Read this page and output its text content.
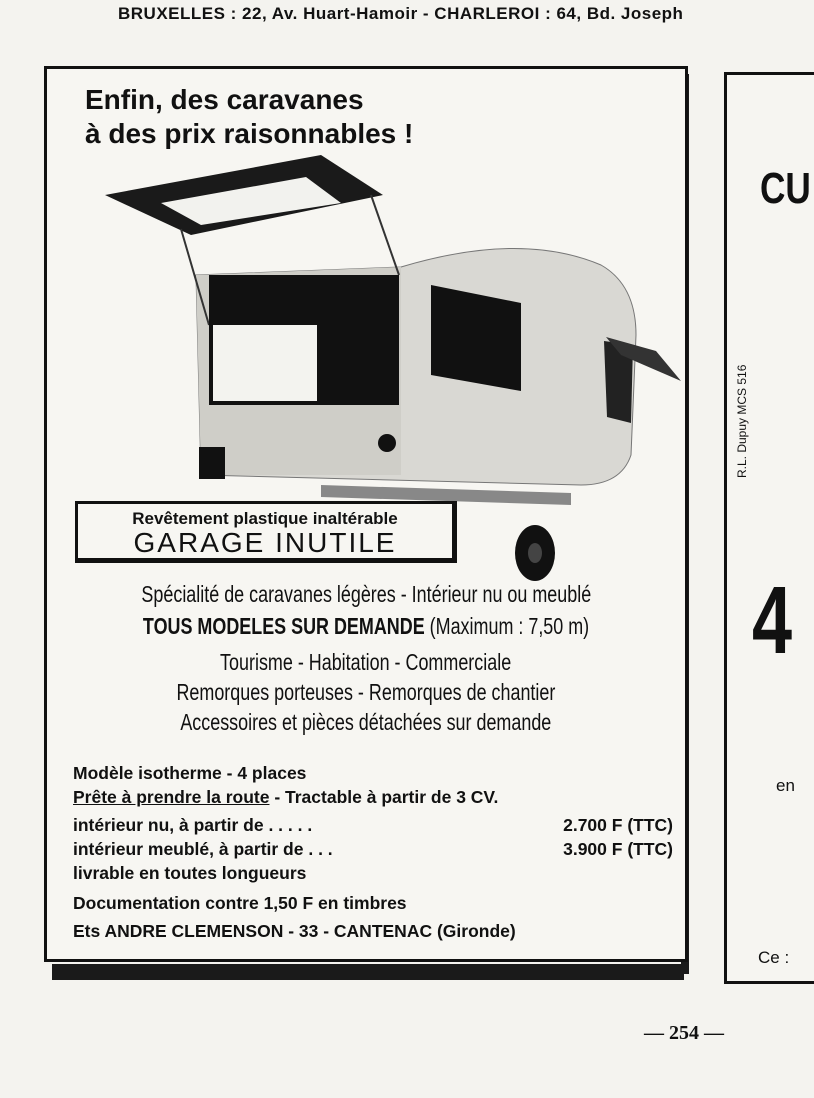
BRUXELLES : 22, Av. Huart-Hamoir - CHARLEROI : 64, Bd. Joseph
Enfin, des caravanes
à des prix raisonnables !
Revêtement plastique inaltérable
GARAGE INUTILE
Spécialité de caravanes légères - Intérieur nu ou meublé
TOUS MODELES SUR DEMANDE (Maximum : 7,50 m)
Tourisme - Habitation - Commerciale
Remorques porteuses - Remorques de chantier
Accessoires et pièces détachées sur demande
Modèle isotherme - 4 places
Prête à prendre la route - Tractable à partir de 3 CV.
intérieur nu, à partir de . . . . .	2.700 F (TTC)
intérieur meublé, à partir de . . .	3.900 F (TTC)
livrable en toutes longueurs
Documentation contre 1,50 F en timbres
Ets ANDRE CLEMENSON - 33 - CANTENAC (Gironde)
R.L. Dupuy MCS 516
CU
4
en
Ce :
— 254 —
